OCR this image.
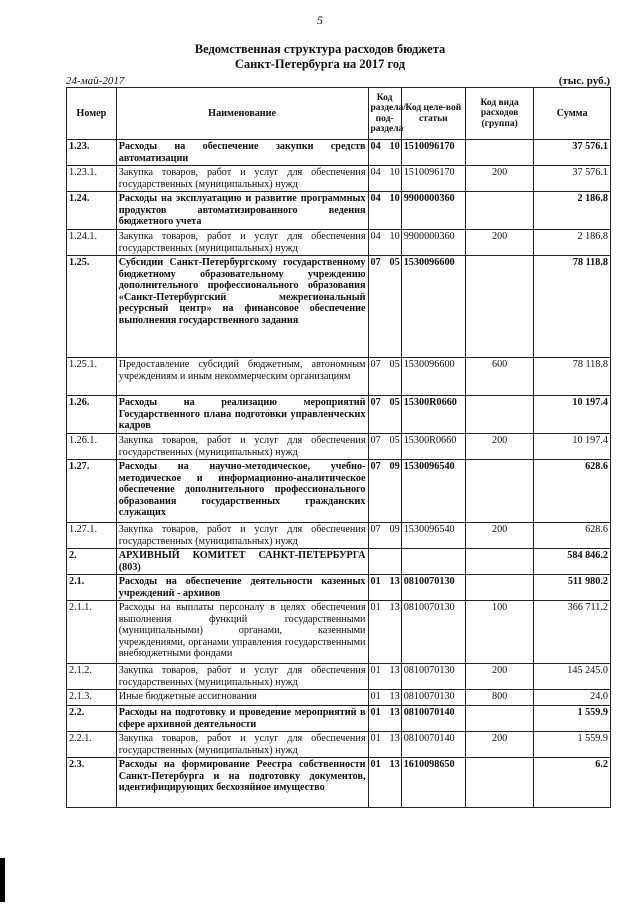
5
Ведомственная структура расходов бюджета
Санкт-Петербурга на 2017 год
24-май-2017	(тыс. руб.)
Номер	Наименование	Код раздела/ под-раздела		Код целе-вой статьи	Код вида расходов (группа)	Сумма
1.23.	Расходы на обеспечение закупки средств автоматизации	04	10	1510096170		37 576.1
1.23.1.	Закупка товаров, работ и услуг для обеспечения государственных (муниципальных) нужд	04	10	1510096170	200	37 576.1
1.24.	Расходы на эксплуатацию и развитие программных продуктов автоматизированного ведения бюджетного учета	04	10	9900000360		2 186.8
1.24.1.	Закупка товаров, работ и услуг для обеспечения государственных (муниципальных) нужд	04	10	9900000360	200	2 186.8
1.25.	Субсидии Санкт-Петербургскому государственному бюджетному образовательному учреждению дополнительного профессионального образования «Санкт-Петербургский межрегиональный ресурсный центр» на финансовое обеспечение выполнения государственного задания	07	05	1530096600		78 118.8
1.25.1.	Предоставление субсидий бюджетным, автономным учреждениям и иным некоммерческим организациям	07	05	1530096600	600	78 118.8
1.26.	Расходы на реализацию мероприятий Государственного плана подготовки управленческих кадров	07	05	15300R0660		10 197.4
1.26.1.	Закупка товаров, работ и услуг для обеспечения государственных (муниципальных) нужд	07	05	15300R0660	200	10 197.4
1.27.	Расходы на научно-методическое, учебно-методическое и информационно-аналитическое обеспечение дополнительного профессионального образования государственных гражданских служащих	07	09	1530096540		628.6
1.27.1.	Закупка товаров, работ и услуг для обеспечения государственных (муниципальных) нужд	07	09	1530096540	200	628.6
2.	АРХИВНЫЙ КОМИТЕТ САНКТ-ПЕТЕРБУРГА (803)					584 846.2
2.1.	Расходы на обеспечение деятельности казенных учреждений - архивов	01	13	0810070130		511 980.2
2.1.1.	Расходы на выплаты персоналу в целях обеспечения выполнения функций государственными (муниципальными) органами, казенными учреждениями, органами управления государственными внебюджетными фондами	01	13	0810070130	100	366 711.2
2.1.2.	Закупка товаров, работ и услуг для обеспечения государственных (муниципальных) нужд	01	13	0810070130	200	145 245.0
2.1.3.	Иные бюджетные ассигнования	01	13	0810070130	800	24.0
2.2.	Расходы на подготовку и проведение мероприятий в сфере архивной деятельности	01	13	0810070140		1 559.9
2.2.1.	Закупка товаров, работ и услуг для обеспечения государственных (муниципальных) нужд	01	13	0810070140	200	1 559.9
2.3.	Расходы на формирование Реестра собственности Санкт-Петербурга и на подготовку документов, идентифицирующих бесхозяйное имущество	01	13	1610098650		6.2
